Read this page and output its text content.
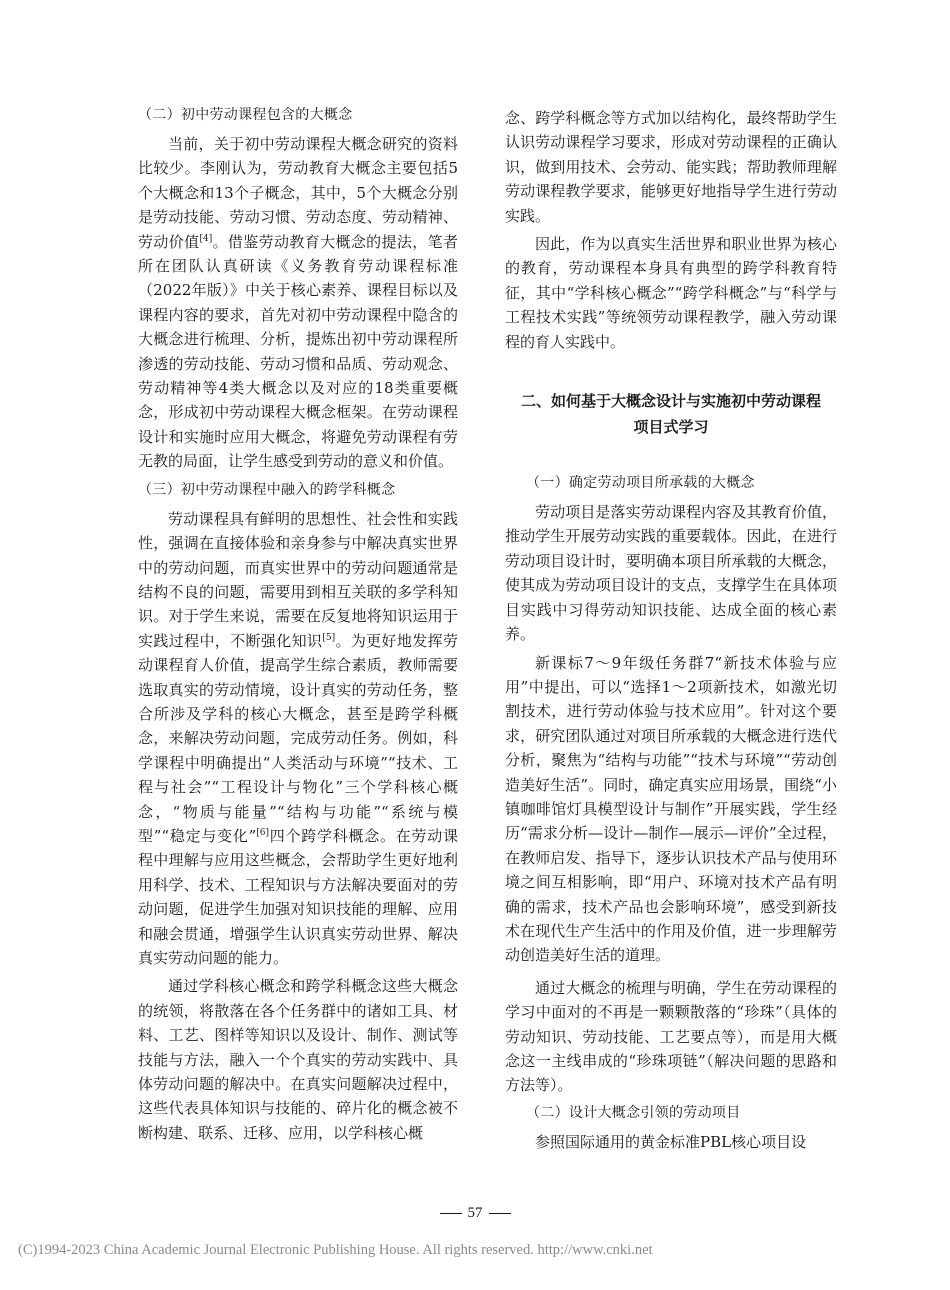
（二）初中劳动课程包含的大概念

当前，关于初中劳动课程大概念研究的资料比较少。李刚认为，劳动教育大概念主要包括5个大概念和13个子概念，其中，5个大概念分别是劳动技能、劳动习惯、劳动态度、劳动精神、劳动价值[4]。借鉴劳动教育大概念的提法，笔者所在团队认真研读《义务教育劳动课程标准（2022年版）》中关于核心素养、课程目标以及课程内容的要求，首先对初中劳动课程中隐含的大概念进行梳理、分析，提炼出初中劳动课程所渗透的劳动技能、劳动习惯和品质、劳动观念、劳动精神等4类大概念以及对应的18类重要概念，形成初中劳动课程大概念框架。在劳动课程设计和实施时应用大概念，将避免劳动课程有劳无教的局面，让学生感受到劳动的意义和价值。

（三）初中劳动课程中融入的跨学科概念

劳动课程具有鲜明的思想性、社会性和实践性，强调在直接体验和亲身参与中解决真实世界中的劳动问题，而真实世界中的劳动问题通常是结构不良的问题，需要用到相互关联的多学科知识。对于学生来说，需要在反复地将知识运用于实践过程中，不断强化知识[5]。为更好地发挥劳动课程育人价值，提高学生综合素质，教师需要选取真实的劳动情境，设计真实的劳动任务，整合所涉及学科的核心大概念，甚至是跨学科概念，来解决劳动问题，完成劳动任务。例如，科学课程中明确提出“人类活动与环境”“技术、工程与社会”“工程设计与物化”三个学科核心概念，“物质与能量”“结构与功能”“系统与模型”“稳定与变化”[6]四个跨学科概念。在劳动课程中理解与应用这些概念，会帮助学生更好地利用科学、技术、工程知识与方法解决要面对的劳动问题，促进学生加强对知识技能的理解、应用和融会贯通，增强学生认识真实劳动世界、解决真实劳动问题的能力。

通过学科核心概念和跨学科概念这些大概念的统领，将散落在各个任务群中的诸如工具、材料、工艺、图样等知识以及设计、制作、测试等技能与方法，融入一个个真实的劳动实践中、具体劳动问题的解决中。在真实问题解决过程中，这些代表具体知识与技能的、碎片化的概念被不断构建、联系、迁移、应用，以学科核心概

念、跨学科概念等方式加以结构化，最终帮助学生认识劳动课程学习要求，形成对劳动课程的正确认识，做到用技术、会劳动、能实践；帮助教师理解劳动课程教学要求，能够更好地指导学生进行劳动实践。

因此，作为以真实生活世界和职业世界为核心的教育，劳动课程本身具有典型的跨学科教育特征，其中“学科核心概念”“跨学科概念”与“科学与工程技术实践”等统领劳动课程教学，融入劳动课程的育人实践中。

二、如何基于大概念设计与实施初中劳动课程
项目式学习
（一）确定劳动项目所承载的大概念

劳动项目是落实劳动课程内容及其教育价值，推动学生开展劳动实践的重要载体。因此，在进行劳动项目设计时，要明确本项目所承载的大概念，使其成为劳动项目设计的支点，支撑学生在具体项目实践中习得劳动知识技能、达成全面的核心素养。

新课标7～9年级任务群7“新技术体验与应用”中提出，可以“选择1～2项新技术，如激光切割技术，进行劳动体验与技术应用”。针对这个要求，研究团队通过对项目所承载的大概念进行迭代分析，聚焦为“结构与功能”“技术与环境”“劳动创造美好生活”。同时，确定真实应用场景，围绕“小镇咖啡馆灯具模型设计与制作”开展实践，学生经历“需求分析—设计—制作—展示—评价”全过程，在教师启发、指导下，逐步认识技术产品与使用环境之间互相影响，即“用户、环境对技术产品有明确的需求，技术产品也会影响环境”，感受到新技术在现代生产生活中的作用及价值，进一步理解劳动创造美好生活的道理。

通过大概念的梳理与明确，学生在劳动课程的学习中面对的不再是一颗颗散落的“珍珠”（具体的劳动知识、劳动技能、工艺要点等），而是用大概念这一主线串成的“珍珠项链”（解决问题的思路和方法等）。

（二）设计大概念引领的劳动项目

参照国际通用的黄金标准PBL核心项目设

57
(C)1994-2023 China Academic Journal Electronic Publishing House. All rights reserved. http://www.cnki.net
